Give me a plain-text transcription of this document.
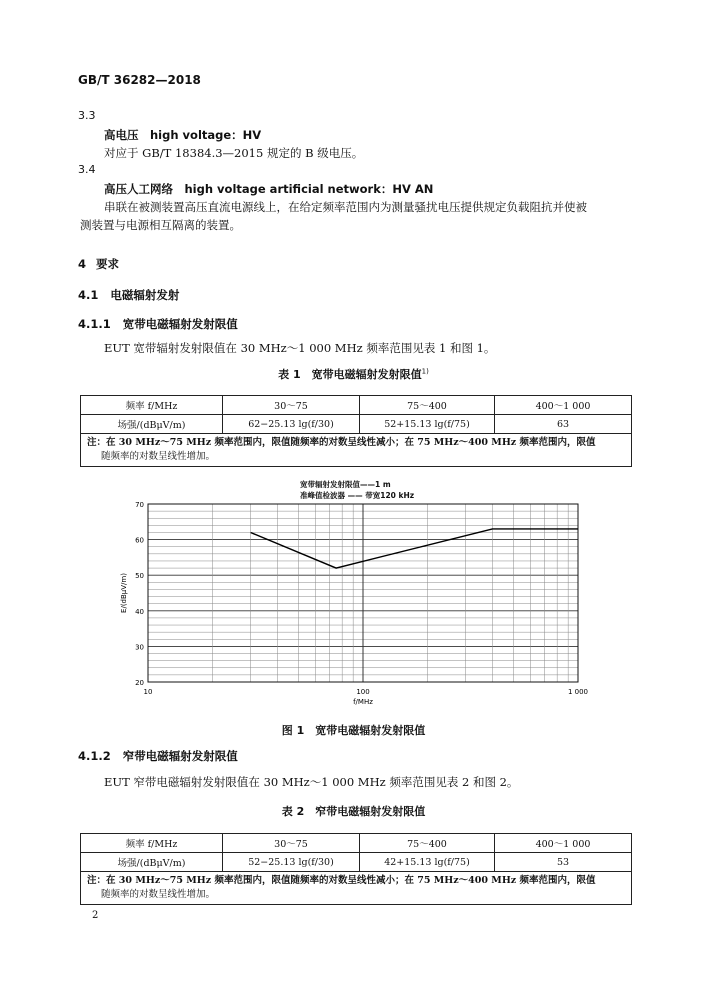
GB/T 36282—2018
3.3
高电压　high voltage：HV
对应于 GB/T 18384.3—2015 规定的 B 级电压。
3.4
高压人工网络　high voltage artificial network：HV AN
串联在被测装置高压直流电源线上，在给定频率范围内为测量骚扰电压提供规定负载阻抗并使被
测装置与电源相互隔离的装置。
4 要求
4.1 电磁辐射发射
4.1.1 宽带电磁辐射发射限值
EUT 宽带辐射发射限值在 30 MHz～1 000 MHz 频率范围见表 1 和图 1。
表 1　宽带电磁辐射发射限值$^{1)}$
频率 f/MHz	30～75	75～400	400～1 000
场强/(dBμV/m)	62−25.13 lg(f/30)	52+15.13 lg(f/75)	63

注：在 30 MHz～75 MHz 频率范围内，限值随频率的对数呈线性减小；在 75 MHz～400 MHz 频率范围内，限值
随频率的对数呈线性增加。			
宽带辐射发射限值——1 m
准峰值检波器 —— 带宽120 kHz
20
30
40
50
60
70
10	100	1 000
f/MHz
E/(dBμV/m)
图 1　宽带电磁辐射发射限值
4.1.2 窄带电磁辐射发射限值
EUT 窄带电磁辐射发射限值在 30 MHz～1 000 MHz 频率范围见表 2 和图 2。
表 2　窄带电磁辐射发射限值
频率 f/MHz	30～75	75～400	400～1 000
场强/(dBμV/m)	52−25.13 lg(f/30)	42+15.13 lg(f/75)	53

注：在 30 MHz～75 MHz 频率范围内，限值随频率的对数呈线性减小；在 75 MHz～400 MHz 频率范围内，限值
随频率的对数呈线性增加。			
2
